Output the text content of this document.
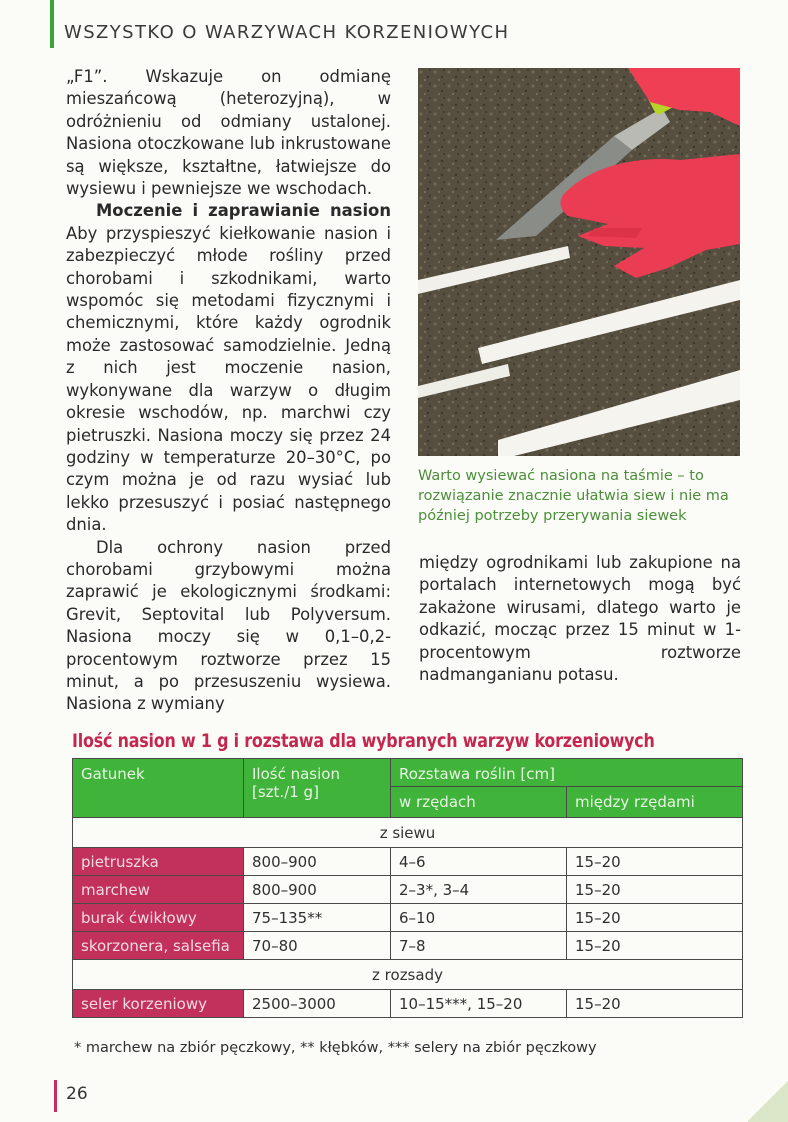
WSZYSTKO O WARZYWACH KORZENIOWYCH

„F1”. Wskazuje on odmianę mieszańcową (heterozyjną), w odróżnieniu od odmiany ustalonej. Nasiona otoczkowane lub inkrustowane są większe, kształtne, łatwiejsze do wysiewu i pewniejsze we wschodach.

Moczenie i zaprawianie nasion Aby przyspieszyć kiełkowanie nasion i zabezpieczyć młode rośliny przed chorobami i szkodnikami, warto wspomóc się metodami fizycznymi i chemicznymi, które każdy ogrodnik może zastosować samodzielnie. Jedną z nich jest moczenie nasion, wykonywane dla warzyw o długim okresie wschodów, np. marchwi czy pietruszki. Nasiona moczy się przez 24 godziny w temperaturze 20–30°C, po czym można je od razu wysiać lub lekko przesuszyć i posiać następnego dnia.

Dla ochrony nasion przed chorobami grzybowymi można zaprawić je ekologicznymi środkami: Grevit, Septovital lub Polyversum. Nasiona moczy się w 0,1–0,2-procentowym roztworze przez 15 minut, a po przesuszeniu wysiewa. Nasiona z wymiany

Warto wysiewać nasiona na taśmie – to rozwiązanie znacznie ułatwia siew i nie ma później potrzeby przerywania siewek
między ogrodnikami lub zakupione na portalach internetowych mogą być zakażone wirusami, dlatego warto je odkazić, mocząc przez 15 minut w 1-procentowym roztworze nadmanganianu potasu.
Ilość nasion w 1 g i rozstawa dla wybranych warzyw korzeniowych
Gatunek	Ilość nasion [szt./1 g]	Rozstawa roślin [cm]	
		w rzędach	między rzędami
z siewu			
pietruszka	800–900	4–6	15–20
marchew	800–900	2–3*, 3–4	15–20
burak ćwikłowy	75–135**	6–10	15–20
skorzonera, salsefia	70–80	7–8	15–20
z rozsady			
seler korzeniowy	2500–3000	10–15***, 15–20	15–20
* marchew na zbiór pęczkowy, ** kłębków, *** selery na zbiór pęczkowy
26
